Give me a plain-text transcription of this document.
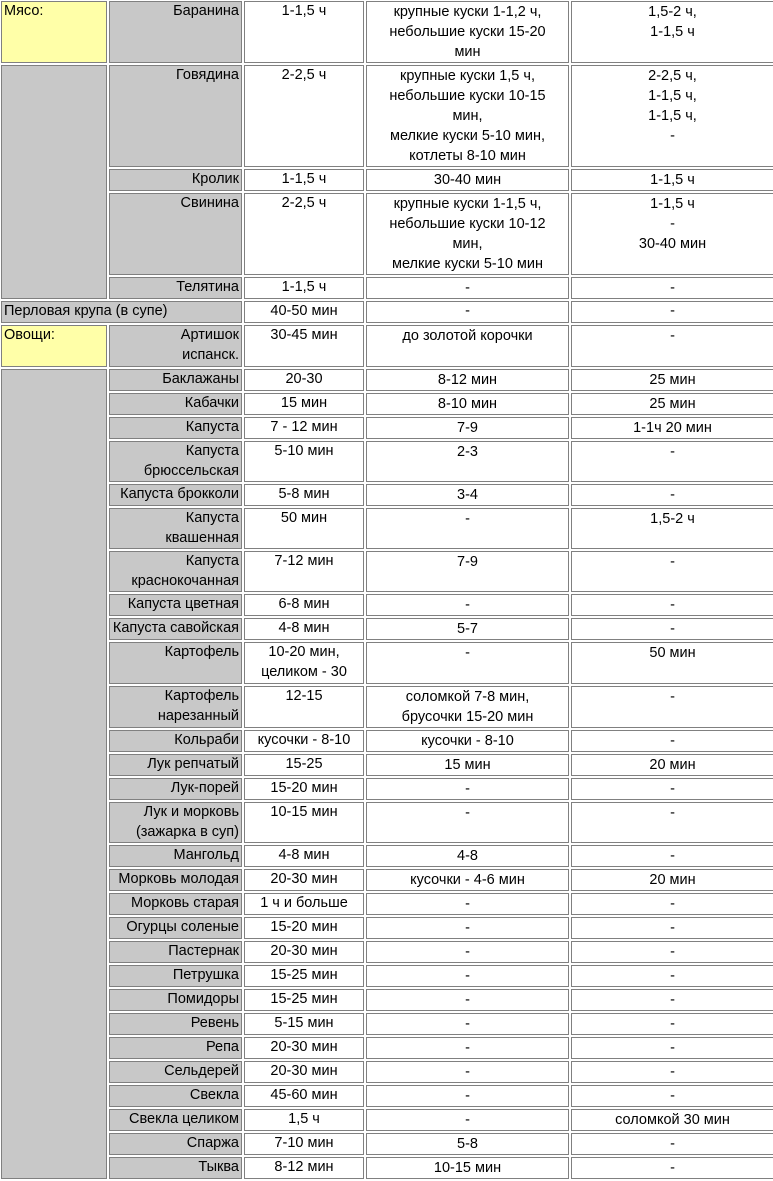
Мясо:	Баранина	1-1,5 ч	крупные куски 1-1,2 ч,
небольшие куски 15-20
мин	1,5-2 ч,
1-1,5 ч
	Говядина	2-2,5 ч	крупные куски 1,5 ч,
небольшие куски 10-15
мин,
мелкие куски 5-10 мин,
котлеты 8-10 мин	2-2,5 ч,
1-1,5 ч,
1-1,5 ч,
-
	Кролик	1-1,5 ч	30-40 мин	1-1,5 ч
	Свинина	2-2,5 ч	крупные куски 1-1,5 ч,
небольшие куски 10-12
мин,
мелкие куски 5-10 мин	1-1,5 ч
-
30-40 мин
	Телятина	1-1,5 ч	-	-
Перловая крупа (в супе)		40-50 мин	-	-
Овощи:	Артишок
испанск.	30-45 мин	до золотой корочки	-
	Баклажаны	20-30	8-12 мин	25 мин
	Кабачки	15 мин	8-10 мин	25 мин
	Капуста	7 - 12 мин	7-9	1-1ч 20 мин
	Капуста брюссельская	5-10 мин	2-3	-
	Капуста брокколи	5-8 мин	3-4	-
	Капуста квашенная	50 мин	-	1,5-2 ч
	Капуста краснокочанная	7-12 мин	7-9	-
	Капуста цветная	6-8 мин	-	-
	Капуста савойская	4-8 мин	5-7	-
	Картофель	10-20 мин,
целиком - 30	-	50 мин
	Картофель нарезанный	12-15	соломкой 7-8 мин,
брусочки 15-20 мин	-
	Кольраби	кусочки - 8-10	кусочки - 8-10	-
	Лук репчатый	15-25	15 мин	20 мин
	Лук-порей	15-20 мин	-	-
	Лук и морковь (зажарка в суп)	10-15 мин	-	-
	Мангольд	4-8 мин	4-8	-
	Морковь молодая	20-30 мин	кусочки - 4-6 мин	20 мин
	Морковь старая	1 ч и больше	-	-
	Огурцы соленые	15-20 мин	-	-
	Пастернак	20-30 мин	-	-
	Петрушка	15-25 мин	-	-
	Помидоры	15-25 мин	-	-
	Ревень	5-15 мин	-	-
	Репа	20-30 мин	-	-
	Сельдерей	20-30 мин	-	-
	Свекла	45-60 мин	-	-
	Свекла целиком	1,5 ч	-	соломкой 30 мин
	Спаржа	7-10 мин	5-8	-
	Тыква	8-12 мин	10-15 мин	-
